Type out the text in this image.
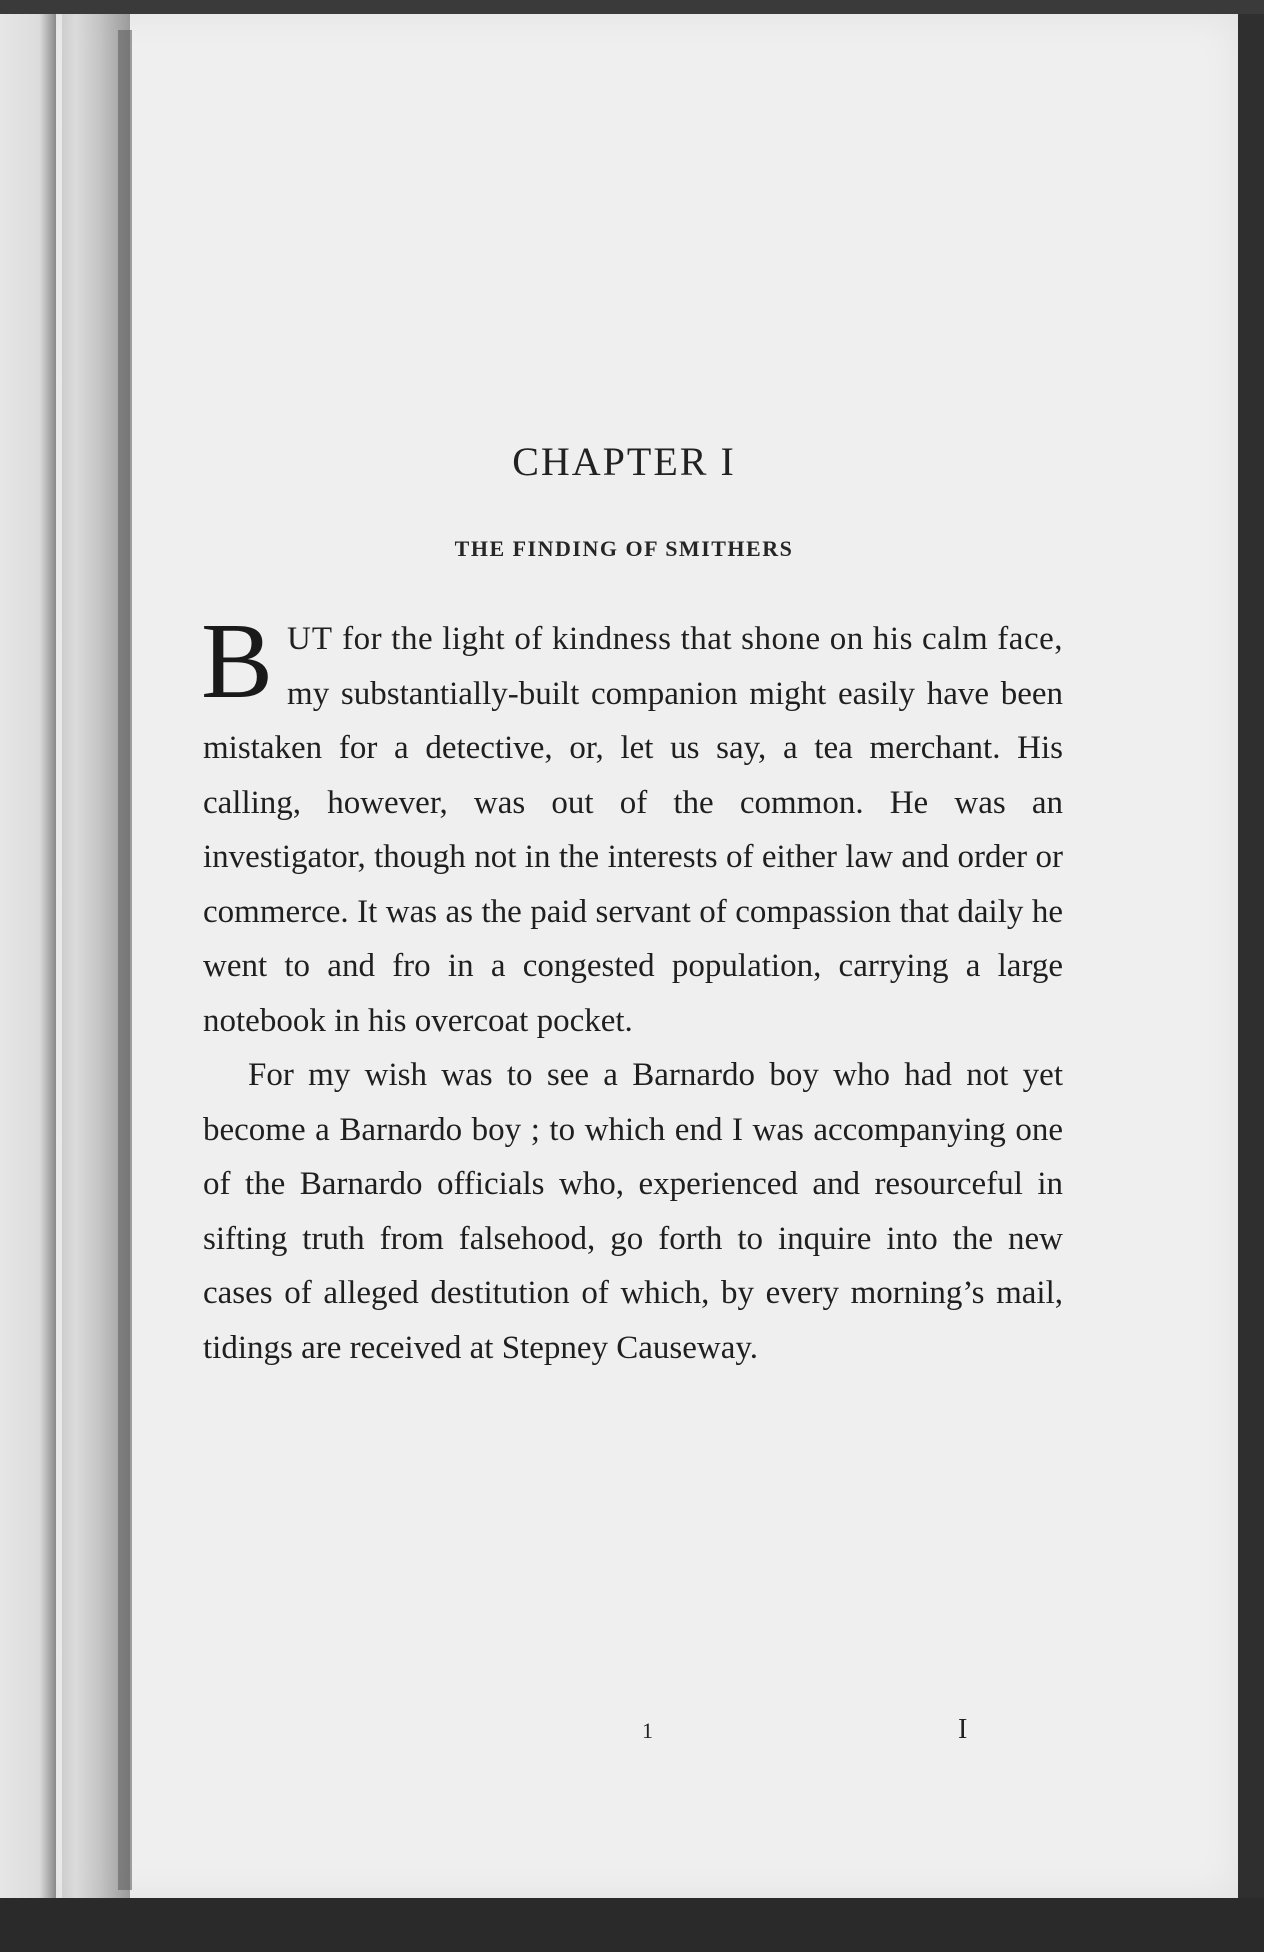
CHAPTER I
THE FINDING OF SMITHERS

BUT for the light of kindness that shone on his calm face, my substantially-built companion might easily have been mistaken for a detective, or, let us say, a tea merchant. His calling, however, was out of the common. He was an investigator, though not in the interests of either law and order or commerce. It was as the paid servant of compassion that daily he went to and fro in a congested population, carrying a large notebook in his overcoat pocket.

For my wish was to see a Barnardo boy who had not yet become a Barnardo boy ; to which end I was accompanying one of the Barnardo officials who, experienced and resourceful in sifting truth from falsehood, go forth to inquire into the new cases of alleged destitution of which, by every morning’s mail, tidings are received at Stepney Causeway.

1	I
